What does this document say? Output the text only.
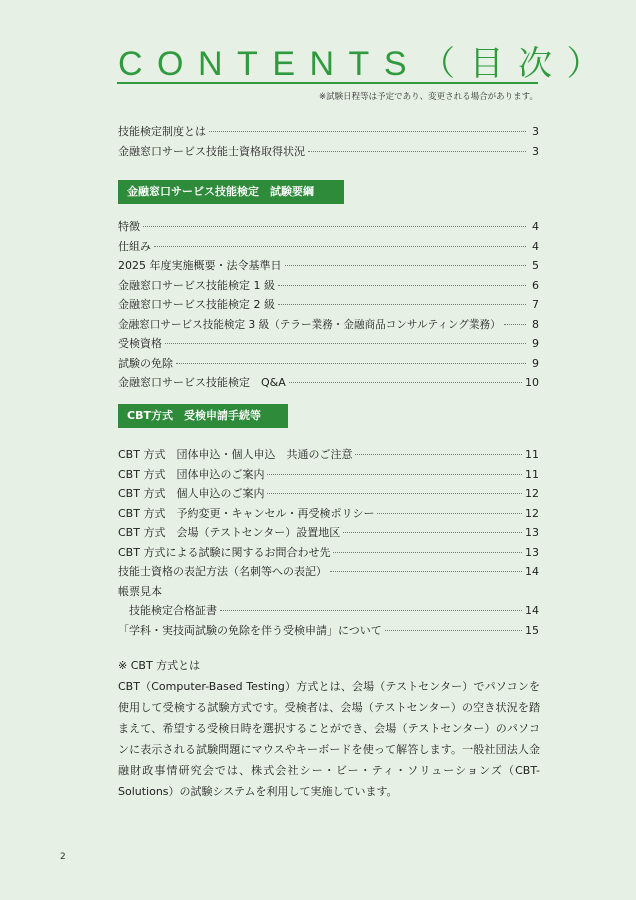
CONTENTS（目次）
※試験日程等は予定であり、変更される場合があります。
技能検定制度とは	3
金融窓口サービス技能士資格取得状況	3
金融窓口サービス技能検定　試験要綱
特徴	4
仕組み	4
2025 年度実施概要・法令基準日	5
金融窓口サービス技能検定 1 級	6
金融窓口サービス技能検定 2 級	7
金融窓口サービス技能検定 3 級（テラー業務・金融商品コンサルティング業務）	8
受検資格	9
試験の免除	9
金融窓口サービス技能検定　Q&A	10
CBT方式　受検申請手続等
CBT 方式　団体申込・個人申込　共通のご注意	11
CBT 方式　団体申込のご案内	11
CBT 方式　個人申込のご案内	12
CBT 方式　予約変更・キャンセル・再受検ポリシー	12
CBT 方式　会場（テストセンター）設置地区	13
CBT 方式による試験に関するお問合わせ先	13
技能士資格の表記方法（名刺等への表記）	14
帳票見本
技能検定合格証書	14
「学科・実技両試験の免除を伴う受検申請」について	15
※ CBT 方式とは
CBT（Computer-Based Testing）方式とは、会場（テストセンター）でパソコンを使用して受検する試験方式です。受検者は、会場（テストセンター）の空き状況を踏まえて、希望する受検日時を選択することができ、会場（テストセンター）のパソコンに表示される試験問題にマウスやキーボードを使って解答します。一般社団法人金融財政事情研究会では、株式会社シー・ビー・ティ・ソリューションズ（CBT-Solutions）の試験システムを利用して実施しています。
2
